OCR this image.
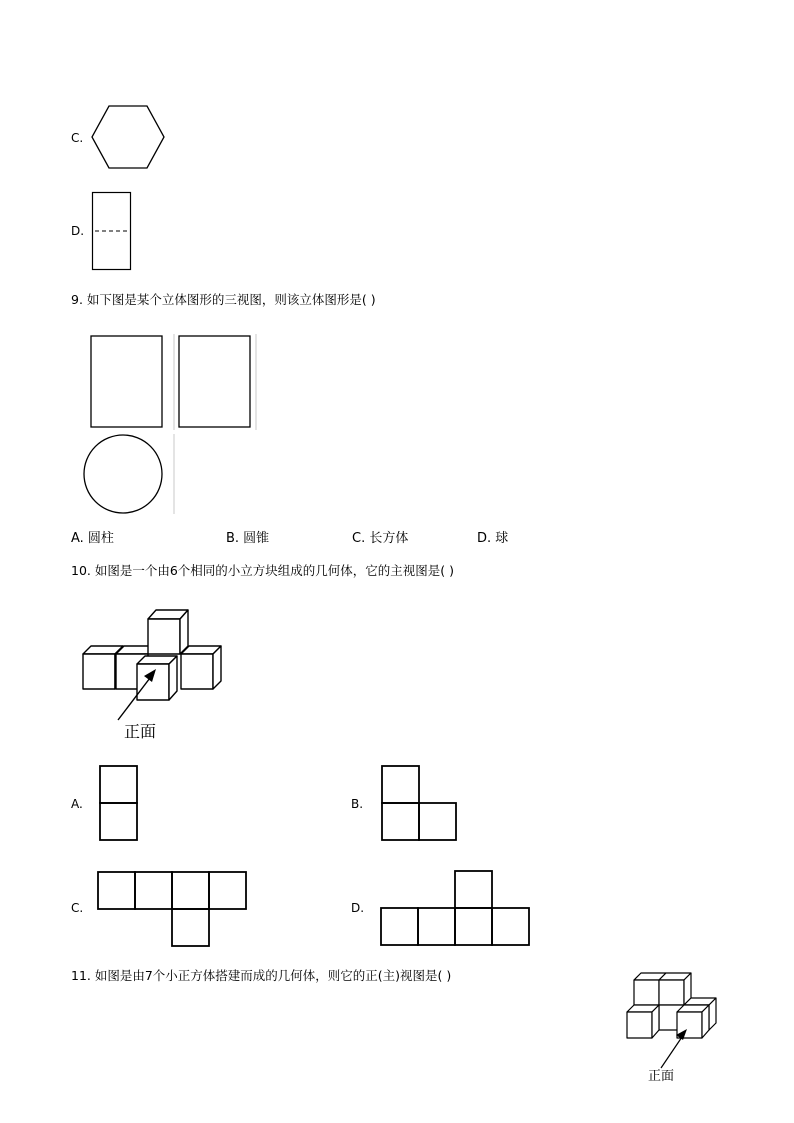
C.
D.
9. 如下图是某个立体图形的三视图，则该立体图形是( )
A. 圆柱	B. 圆锥	C. 长方体	D. 球
10. 如图是一个由6个相同的小立方块组成的几何体，它的主视图是( )
正面
A.	B.
C.	D.
11. 如图是由7个小正方体搭建而成的几何体，则它的正(主)视图是( )
正面
